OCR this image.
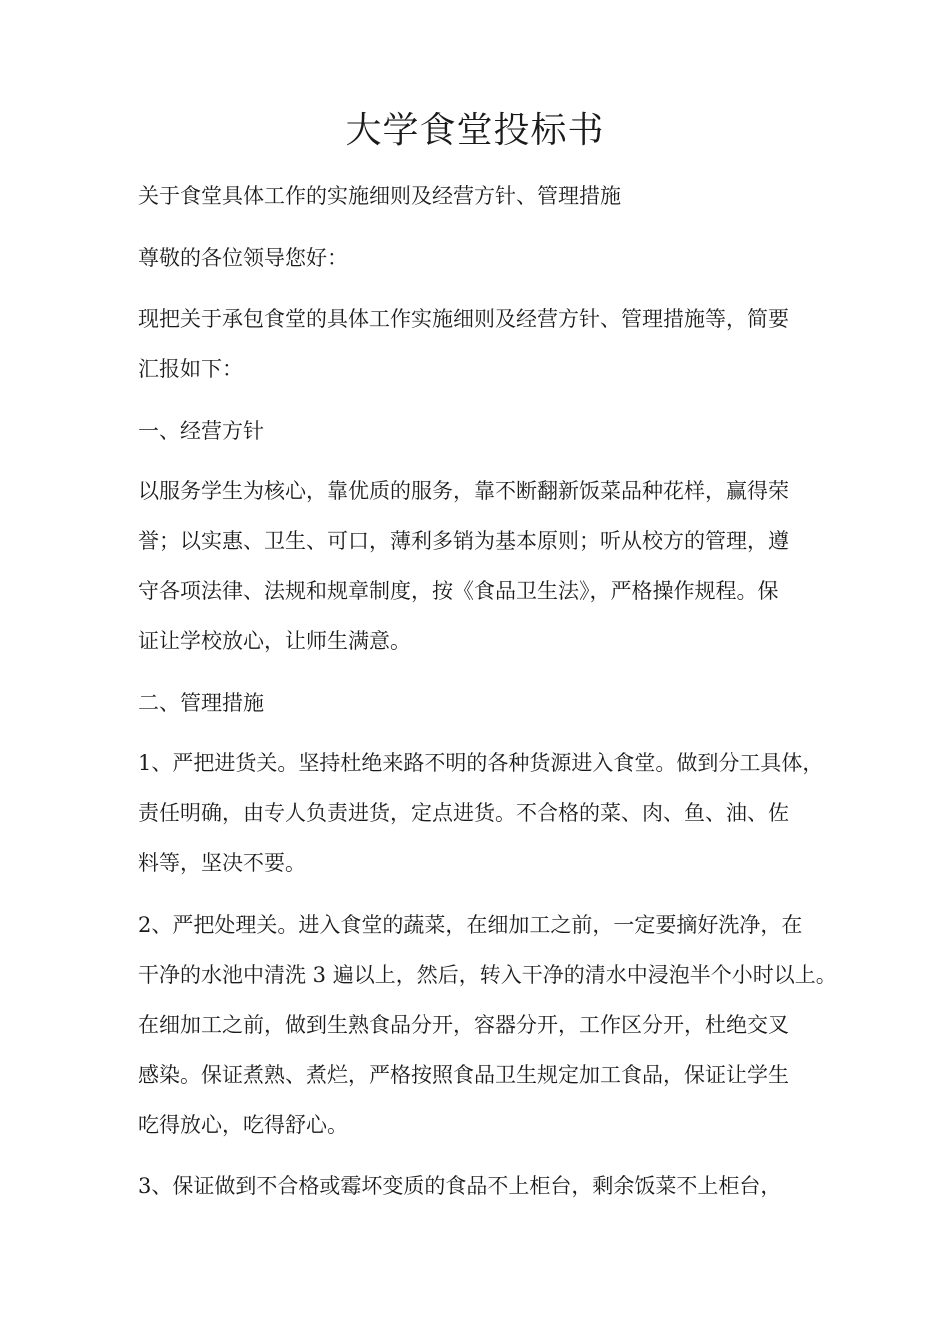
大学食堂投标书

关于食堂具体工作的实施细则及经营方针、管理措施

尊敬的各位领导您好：

现把关于承包食堂的具体工作实施细则及经营方针、管理措施等，简要
汇报如下：

一、经营方针

以服务学生为核心，靠优质的服务，靠不断翻新饭菜品种花样，赢得荣
誉；以实惠、卫生、可口，薄利多销为基本原则；听从校方的管理，遵
守各项法律、法规和规章制度，按《食品卫生法》，严格操作规程。保
证让学校放心，让师生满意。

二、管理措施

1、严把进货关。坚持杜绝来路不明的各种货源进入食堂。做到分工具体，
责任明确，由专人负责进货，定点进货。不合格的菜、肉、鱼、油、佐
料等，坚决不要。

2、严把处理关。进入食堂的蔬菜，在细加工之前，一定要摘好洗净，在
干净的水池中清洗 3 遍以上，然后，转入干净的清水中浸泡半个小时以上。
在细加工之前，做到生熟食品分开，容器分开，工作区分开，杜绝交叉
感染。保证煮熟、煮烂，严格按照食品卫生规定加工食品，保证让学生
吃得放心，吃得舒心。

3、保证做到不合格或霉坏变质的食品不上柜台，剩余饭菜不上柜台，
